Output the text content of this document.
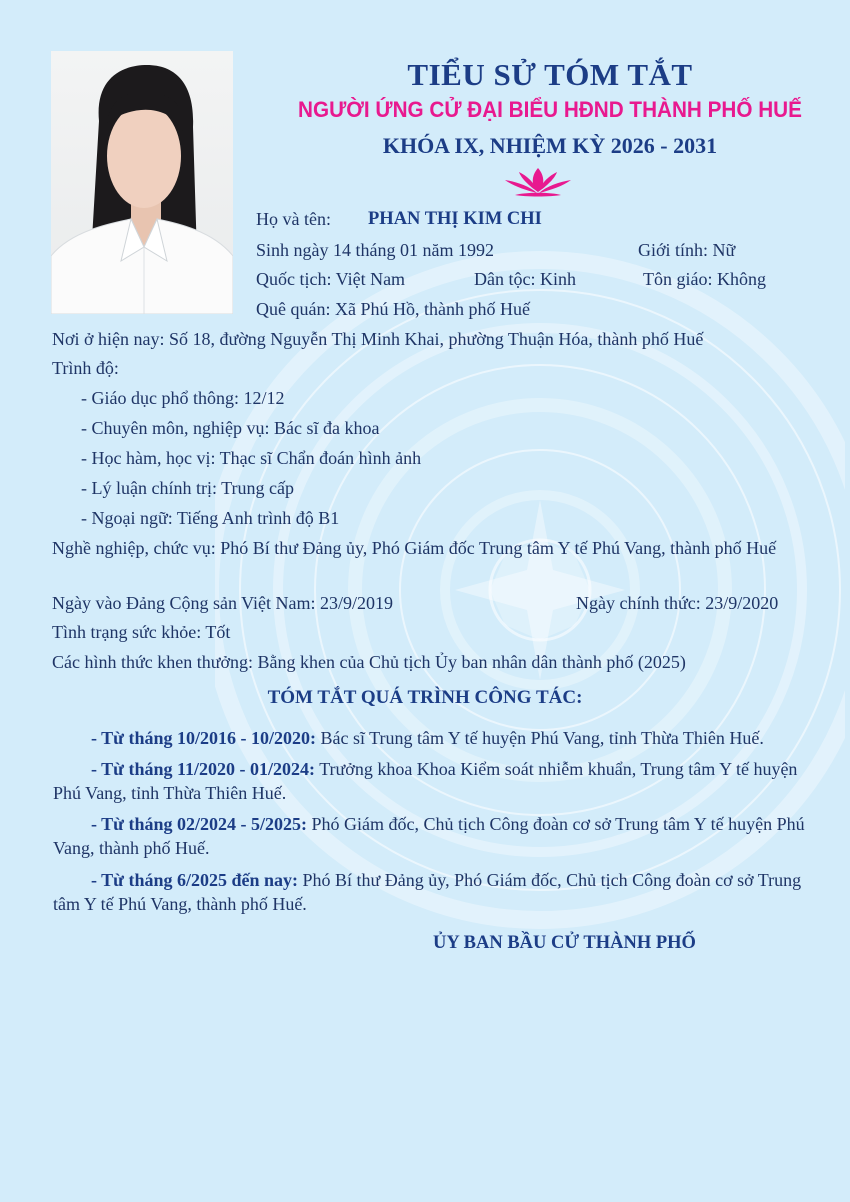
TIỂU SỬ TÓM TẮT
NGƯỜI ỨNG CỬ ĐẠI BIỂU HĐND THÀNH PHỐ HUẾ
KHÓA IX, NHIỆM KỲ 2026 - 2031
Họ và tên: PHAN THỊ KIM CHI
Sinh ngày 14 tháng 01 năm 1992	Giới tính: Nữ
Quốc tịch: Việt Nam	Dân tộc: Kinh	Tôn giáo: Không
Quê quán: Xã Phú Hồ, thành phố Huế
Nơi ở hiện nay: Số 18, đường Nguyễn Thị Minh Khai, phường Thuận Hóa, thành phố Huế
Trình độ:
- Giáo dục phổ thông: 12/12
- Chuyên môn, nghiệp vụ: Bác sĩ đa khoa
- Học hàm, học vị: Thạc sĩ Chẩn đoán hình ảnh
- Lý luận chính trị: Trung cấp
- Ngoại ngữ: Tiếng Anh trình độ B1
Nghề nghiệp, chức vụ: Phó Bí thư Đảng ủy, Phó Giám đốc Trung tâm Y tế Phú Vang, thành phố Huế
Ngày vào Đảng Cộng sản Việt Nam: 23/9/2019	Ngày chính thức: 23/9/2020
Tình trạng sức khỏe: Tốt
Các hình thức khen thưởng: Bằng khen của Chủ tịch Ủy ban nhân dân thành phố (2025)
TÓM TẮT QUÁ TRÌNH CÔNG TÁC:
- Từ tháng 10/2016 - 10/2020: Bác sĩ Trung tâm Y tế huyện Phú Vang, tỉnh Thừa Thiên Huế.
- Từ tháng 11/2020 - 01/2024: Trưởng khoa Khoa Kiểm soát nhiễm khuẩn, Trung tâm Y tế huyện Phú Vang, tỉnh Thừa Thiên Huế.
- Từ tháng 02/2024 - 5/2025: Phó Giám đốc, Chủ tịch Công đoàn cơ sở Trung tâm Y tế huyện Phú Vang, thành phố Huế.
- Từ tháng 6/2025 đến nay: Phó Bí thư Đảng ủy, Phó Giám đốc, Chủ tịch Công đoàn cơ sở Trung tâm Y tế Phú Vang, thành phố Huế.
ỦY BAN BẦU CỬ THÀNH PHỐ
